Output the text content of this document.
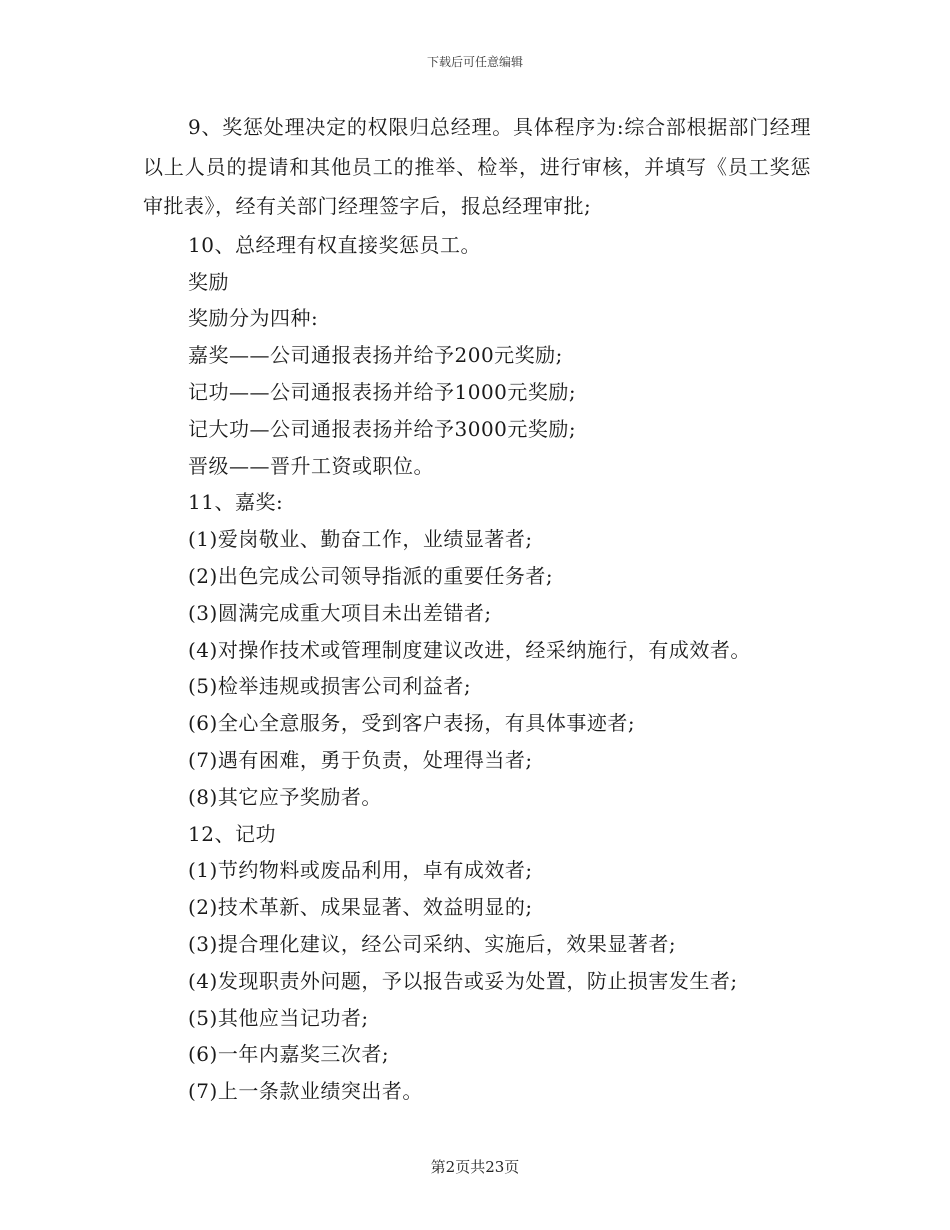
下载后可任意编辑

9、奖惩处理决定的权限归总经理。具体程序为:综合部根据部门经理以上人员的提请和其他员工的推举、检举，进行审核，并填写《员工奖惩审批表》，经有关部门经理签字后，报总经理审批;

10、总经理有权直接奖惩员工。

奖励

奖励分为四种:

嘉奖——公司通报表扬并给予200元奖励;

记功——公司通报表扬并给予1000元奖励;

记大功—公司通报表扬并给予3000元奖励;

晋级——晋升工资或职位。

11、嘉奖:

(1)爱岗敬业、勤奋工作，业绩显著者;

(2)出色完成公司领导指派的重要任务者;

(3)圆满完成重大项目未出差错者;

(4)对操作技术或管理制度建议改进，经采纳施行，有成效者。

(5)检举违规或损害公司利益者;

(6)全心全意服务，受到客户表扬，有具体事迹者;

(7)遇有困难，勇于负责，处理得当者;

(8)其它应予奖励者。

12、记功

(1)节约物料或废品利用，卓有成效者;

(2)技术革新、成果显著、效益明显的;

(3)提合理化建议，经公司采纳、实施后，效果显著者;

(4)发现职责外问题，予以报告或妥为处置，防止损害发生者;

(5)其他应当记功者;

(6)一年内嘉奖三次者;

(7)上一条款业绩突出者。

第2页共23页
